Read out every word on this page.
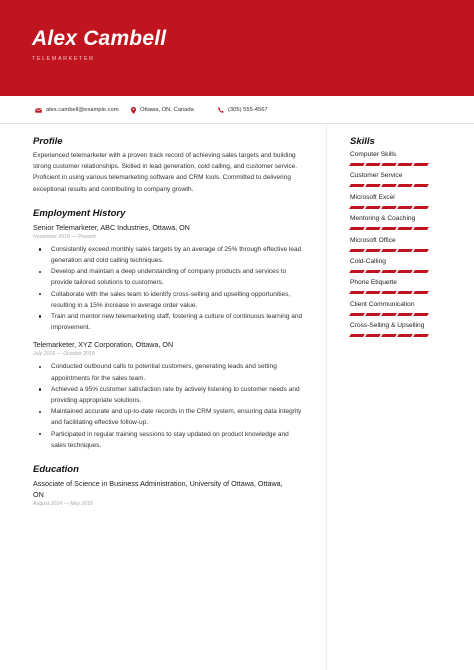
Alex Cambell
TELEMARKETER
alex.cambell@example.com	Ottawa, ON, Canada	(305) 555-4567
Profile
Experienced telemarketer with a proven track record of achieving sales targets and building strong customer relationships. Skilled in lead generation, cold calling, and customer service. Proficient in using various telemarketing software and CRM tools. Committed to delivering exceptional results and contributing to company growth.
Employment History
Senior Telemarketer, ABC Industries, Ottawa, ON
November 2018 — Present
Consistently exceed monthly sales targets by an average of 25% through effective lead generation and cold calling techniques.
Develop and maintain a deep understanding of company products and services to provide tailored solutions to customers.
Collaborate with the sales team to identify cross-selling and upselling opportunities, resulting in a 15% increase in average order value.
Train and mentor new telemarketing staff, fostering a culture of continuous learning and improvement.
Telemarketer, XYZ Corporation, Ottawa, ON
July 2016 — October 2018
Conducted outbound calls to potential customers, generating leads and setting appointments for the sales team.
Achieved a 95% customer satisfaction rate by actively listening to customer needs and providing appropriate solutions.
Maintained accurate and up-to-date records in the CRM system, ensuring data integrity and facilitating effective follow-up.
Participated in regular training sessions to stay updated on product knowledge and sales techniques.
Education
Associate of Science in Business Administration, University of Ottawa, Ottawa, ON
August 2014 — May 2016
Skills
Computer Skills
Customer Service
Microsoft Excel
Mentoring & Coaching
Microsoft Office
Cold-Calling
Phone Etiquette
Client Communication
Cross-Selling & Upselling
